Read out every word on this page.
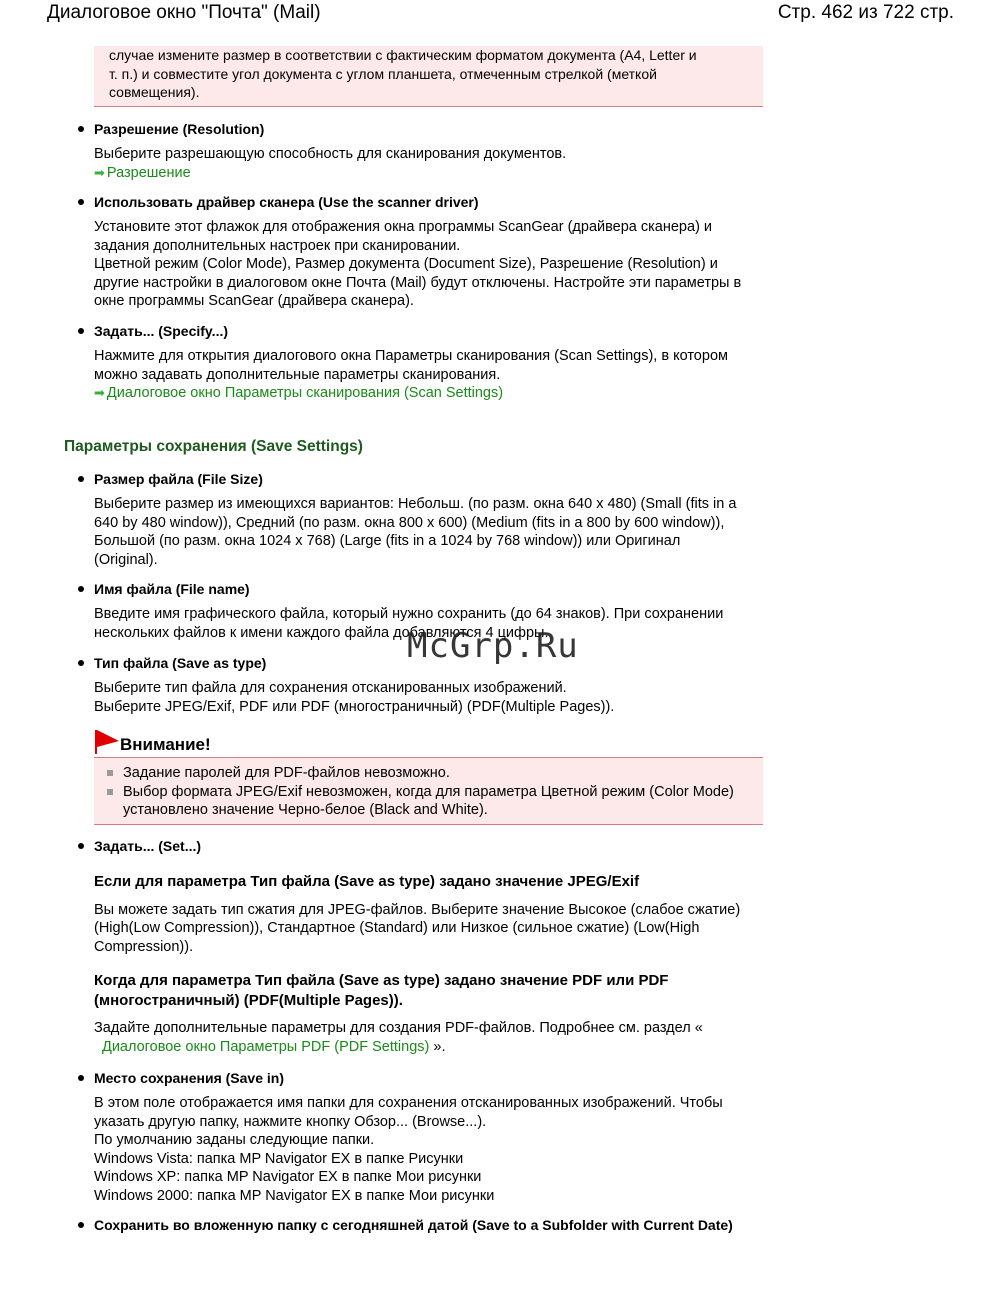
Диалоговое окно "Почта" (Mail)	Стр. 462 из 722 стр.

случае измените размер в соответствии с фактическим форматом документа (A4, Letter и

т. п.) и совместите угол документа с углом планшета, отмеченным стрелкой (меткой

совмещения).

Разрешение (Resolution)

Выберите разрешающую способность для сканирования документов.

➡ Разрешение

Использовать драйвер сканера (Use the scanner driver)

Установите этот флажок для отображения окна программы ScanGear (драйвера сканера) и

задания дополнительных настроек при сканировании.

Цветной режим (Color Mode), Размер документа (Document Size), Разрешение (Resolution) и

другие настройки в диалоговом окне Почта (Mail) будут отключены. Настройте эти параметры в

окне программы ScanGear (драйвера сканера).

Задать... (Specify...)

Нажмите для открытия диалогового окна Параметры сканирования (Scan Settings), в котором

можно задавать дополнительные параметры сканирования.

➡ Диалоговое окно Параметры сканирования (Scan Settings)
Параметры сохранения (Save Settings)

Размер файла (File Size)

Выберите размер из имеющихся вариантов: Небольш. (по разм. окна 640 x 480) (Small (fits in a

640 by 480 window)), Средний (по разм. окна 800 x 600) (Medium (fits in a 800 by 600 window)),

Большой (по разм. окна 1024 x 768) (Large (fits in a 1024 by 768 window)) или Оригинал

(Original).

Имя файла (File name)

Введите имя графического файла, который нужно сохранить (до 64 знаков). При сохранении

нескольких файлов к имени каждого файла добавляются 4 цифры.

Тип файла (Save as type)

Выберите тип файла для сохранения отсканированных изображений.

Выберите JPEG/Exif, PDF или PDF (многостраничный) (PDF(Multiple Pages)).

Внимание!
Задание паролей для PDF-файлов невозможно.
Выбор формата JPEG/Exif невозможен, когда для параметра Цветной режим (Color Mode)
установлено значение Черно-белое (Black and White).

Задать... (Set...)

Если для параметра Тип файла (Save as type) задано значение JPEG/Exif

Вы можете задать тип сжатия для JPEG-файлов. Выберите значение Высокое (слабое сжатие)

(High(Low Compression)), Стандартное (Standard) или Низкое (сильное сжатие) (Low(High

Compression)).

Когда для параметра Тип файла (Save as type) задано значение PDF или PDF

(многостраничный) (PDF(Multiple Pages)).

Задайте дополнительные параметры для создания PDF-файлов. Подробнее см. раздел «

Диалоговое окно Параметры PDF (PDF Settings) ».

Место сохранения (Save in)

В этом поле отображается имя папки для сохранения отсканированных изображений. Чтобы

указать другую папку, нажмите кнопку Обзор... (Browse...).

По умолчанию заданы следующие папки.

Windows Vista: папка MP Navigator EX в папке Рисунки

Windows XP: папка MP Navigator EX в папке Мои рисунки

Windows 2000: папка MP Navigator EX в папке Мои рисунки

Сохранить во вложенную папку с сегодняшней датой (Save to a Subfolder with Current Date)

McGrp.Ru
